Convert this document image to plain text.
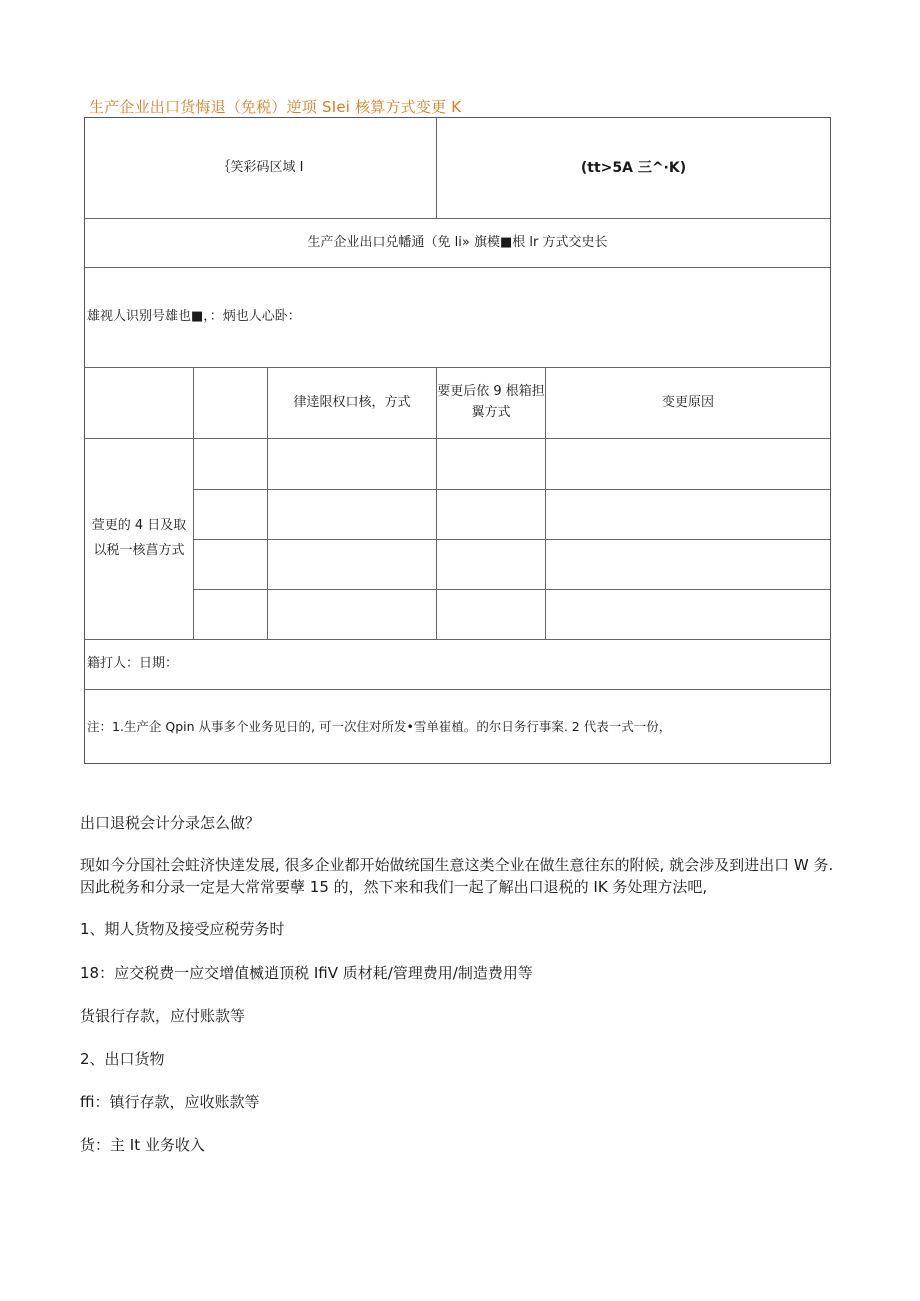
生产企业出口货悔退（免税）逆项 SIei 核算方式变更 K
｛笑彩码区域 I	(tt>5A 三^·K)
生产企业出口兑幡通（免 li» 旗模■根 lr 方式交史长
雄视人识别号雄也■，：炳也人心卧：
律逹限权口核，方式
要更后依 9 根箱担
翼方式
变更原因
萱更的 4 日及取
以税一核菖方式
籍打人：日期：
注：1.生产企 Qpin 从事多个业务见日的, 可一次住对所发•雪单崔植。的尔日务行事案. 2 代表一式一份，
出口退税会计分录怎么做？
现如今分国社会蛀济快逹发展, 很多企业都开始做统国生意这类仝业在做生意往东的附候, 就会涉及到进出口 W 务.
因此税务和分录一定是大常常要孽 15 的，然下来和我们一起了解出口退税的 IK 务处理方法吧,
1、期人货物及接受应税劳务时
18：应交税费一应交增值楲逍顶税 IfiV 质材耗/管理费用/制造费用等
货银行存款，应付账款等
2、出口货物
ffi：镇行存款，应收账款等
货：主 It 业务收入
